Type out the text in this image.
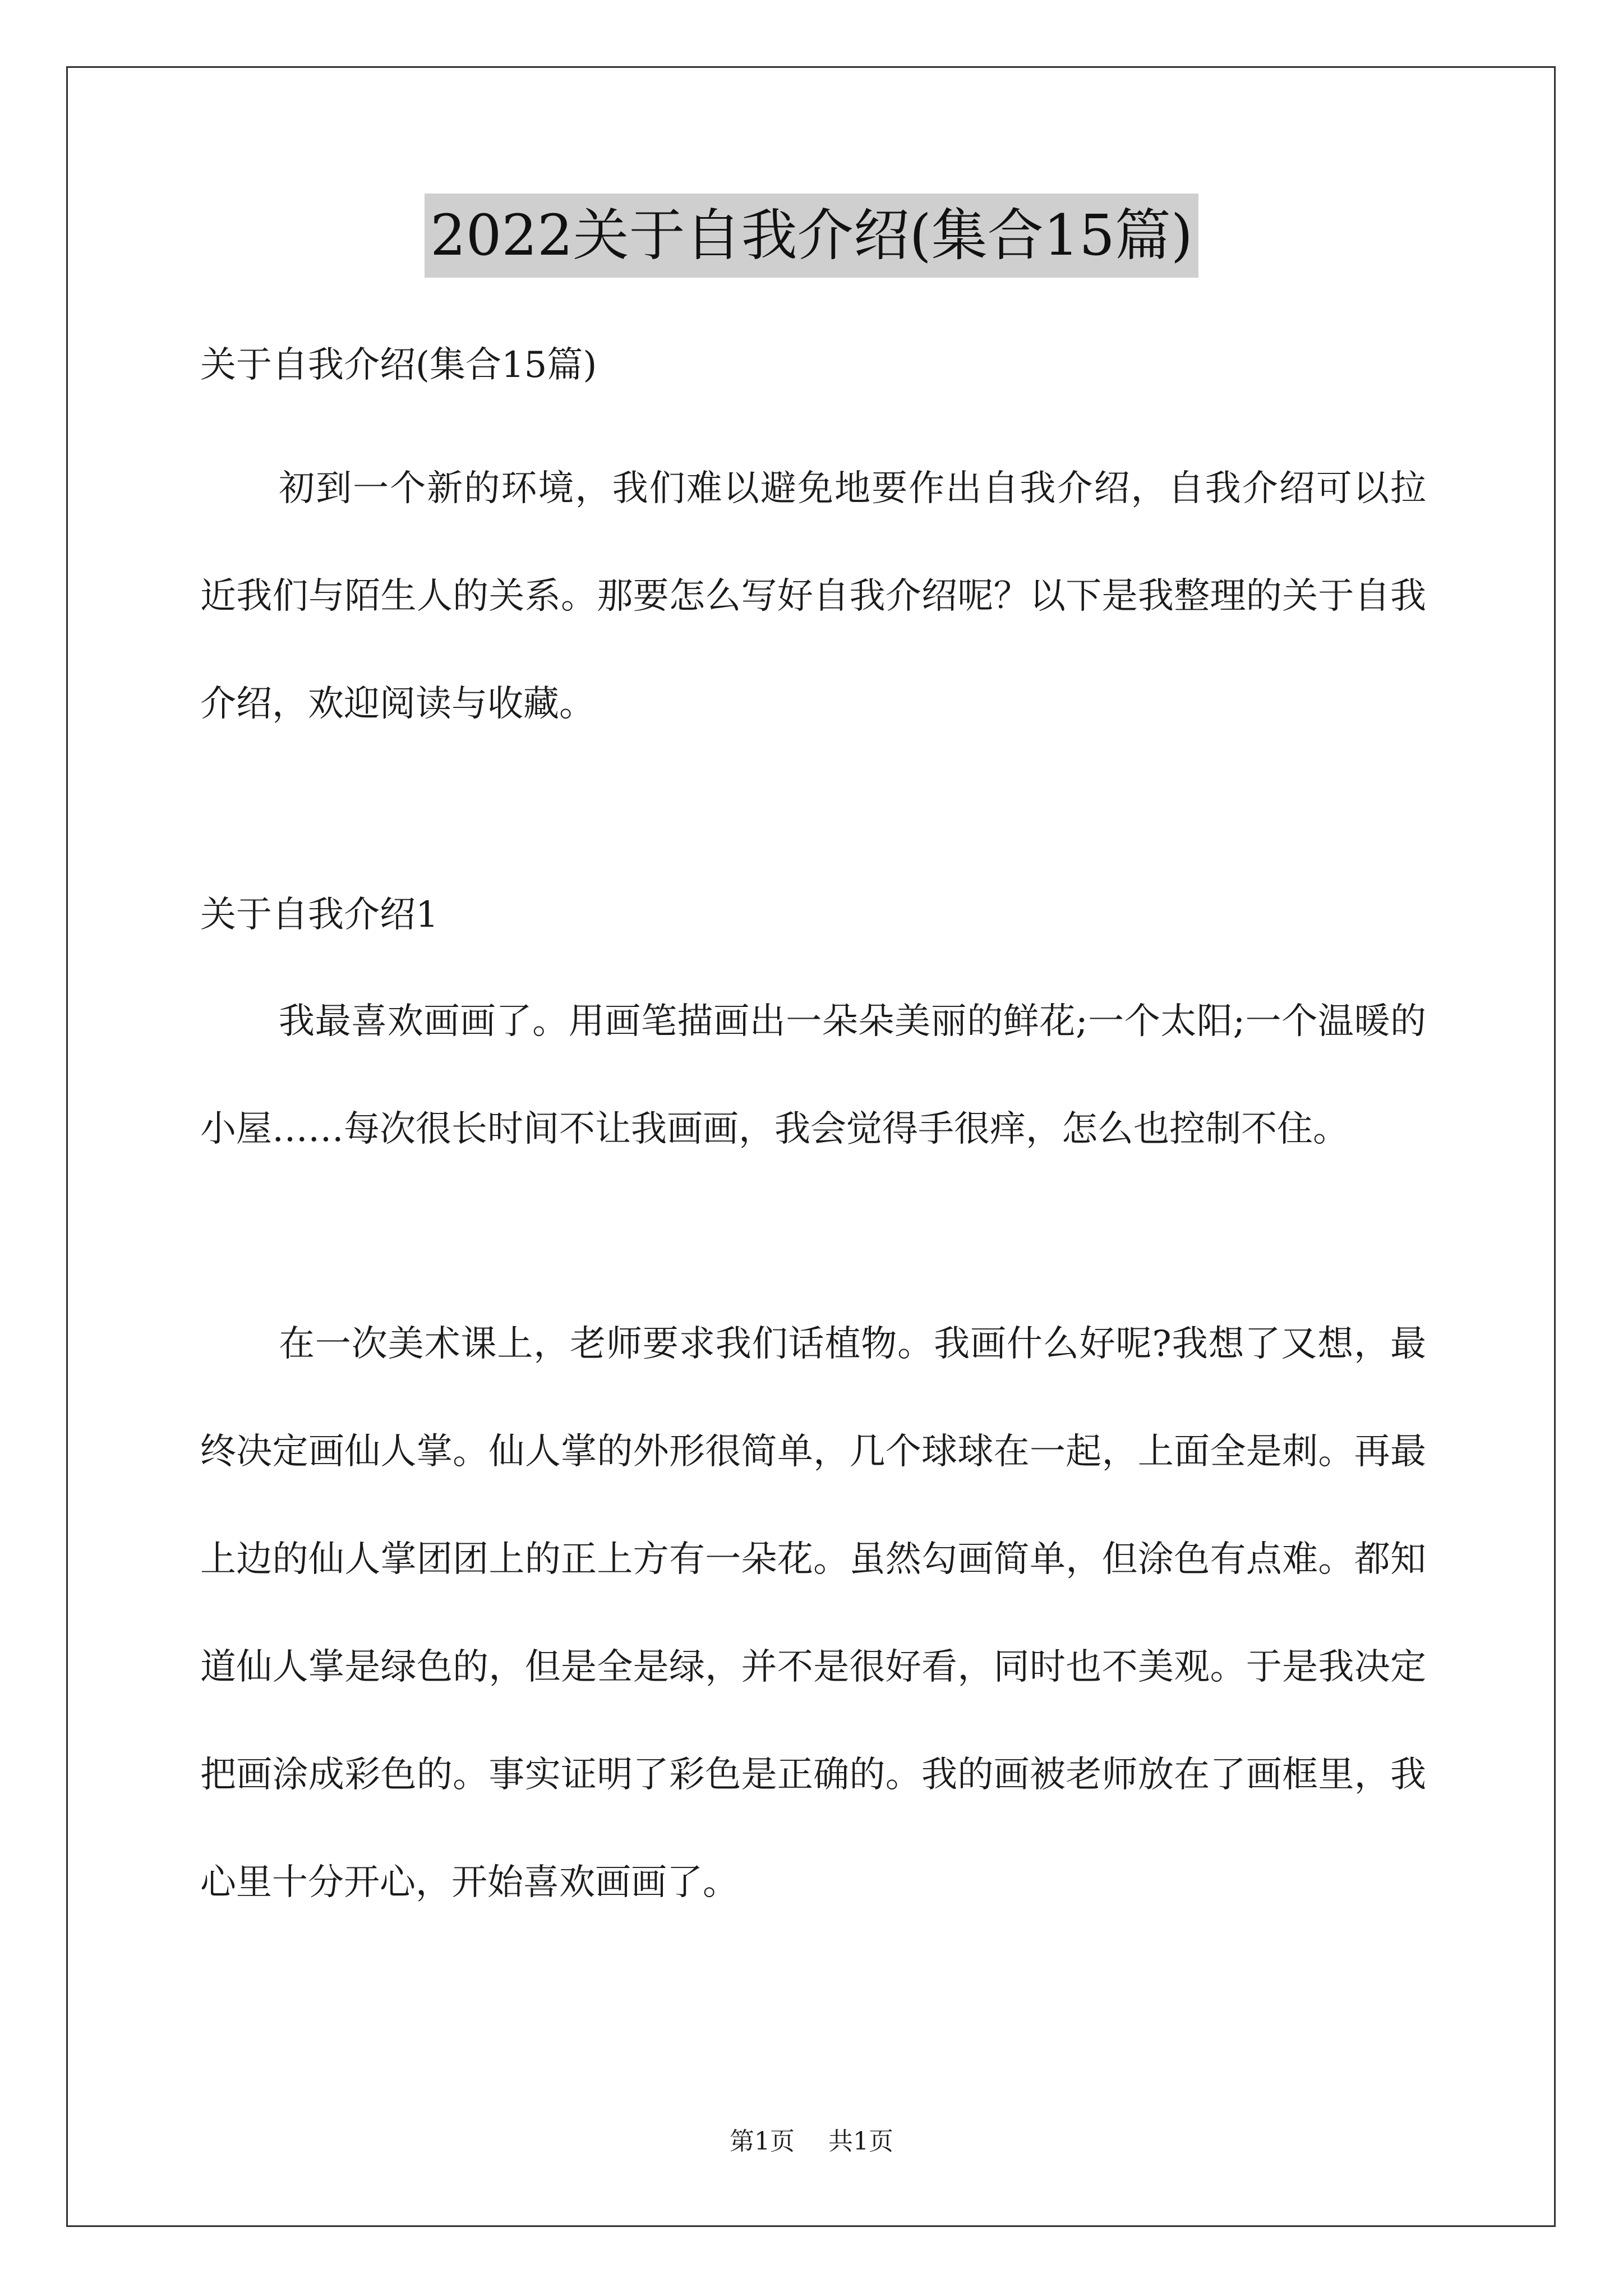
2022关于自我介绍(集合15篇)

关于自我介绍(集合15篇)

初到一个新的环境，我们难以避免地要作出自我介绍，自我介绍可以拉近我们与陌生人的关系。那要怎么写好自我介绍呢？以下是我整理的关于自我介绍，欢迎阅读与收藏。

关于自我介绍1

我最喜欢画画了。用画笔描画出一朵朵美丽的鲜花;一个太阳;一个温暖的小屋……每次很长时间不让我画画，我会觉得手很痒，怎么也控制不住。

在一次美术课上，老师要求我们话植物。我画什么好呢?我想了又想，最终决定画仙人掌。仙人掌的外形很简单，几个球球在一起，上面全是刺。再最上边的仙人掌团团上的正上方有一朵花。虽然勾画简单，但涂色有点难。都知道仙人掌是绿色的，但是全是绿，并不是很好看，同时也不美观。于是我决定把画涂成彩色的。事实证明了彩色是正确的。我的画被老师放在了画框里，我心里十分开心，开始喜欢画画了。

第1页 共1页
